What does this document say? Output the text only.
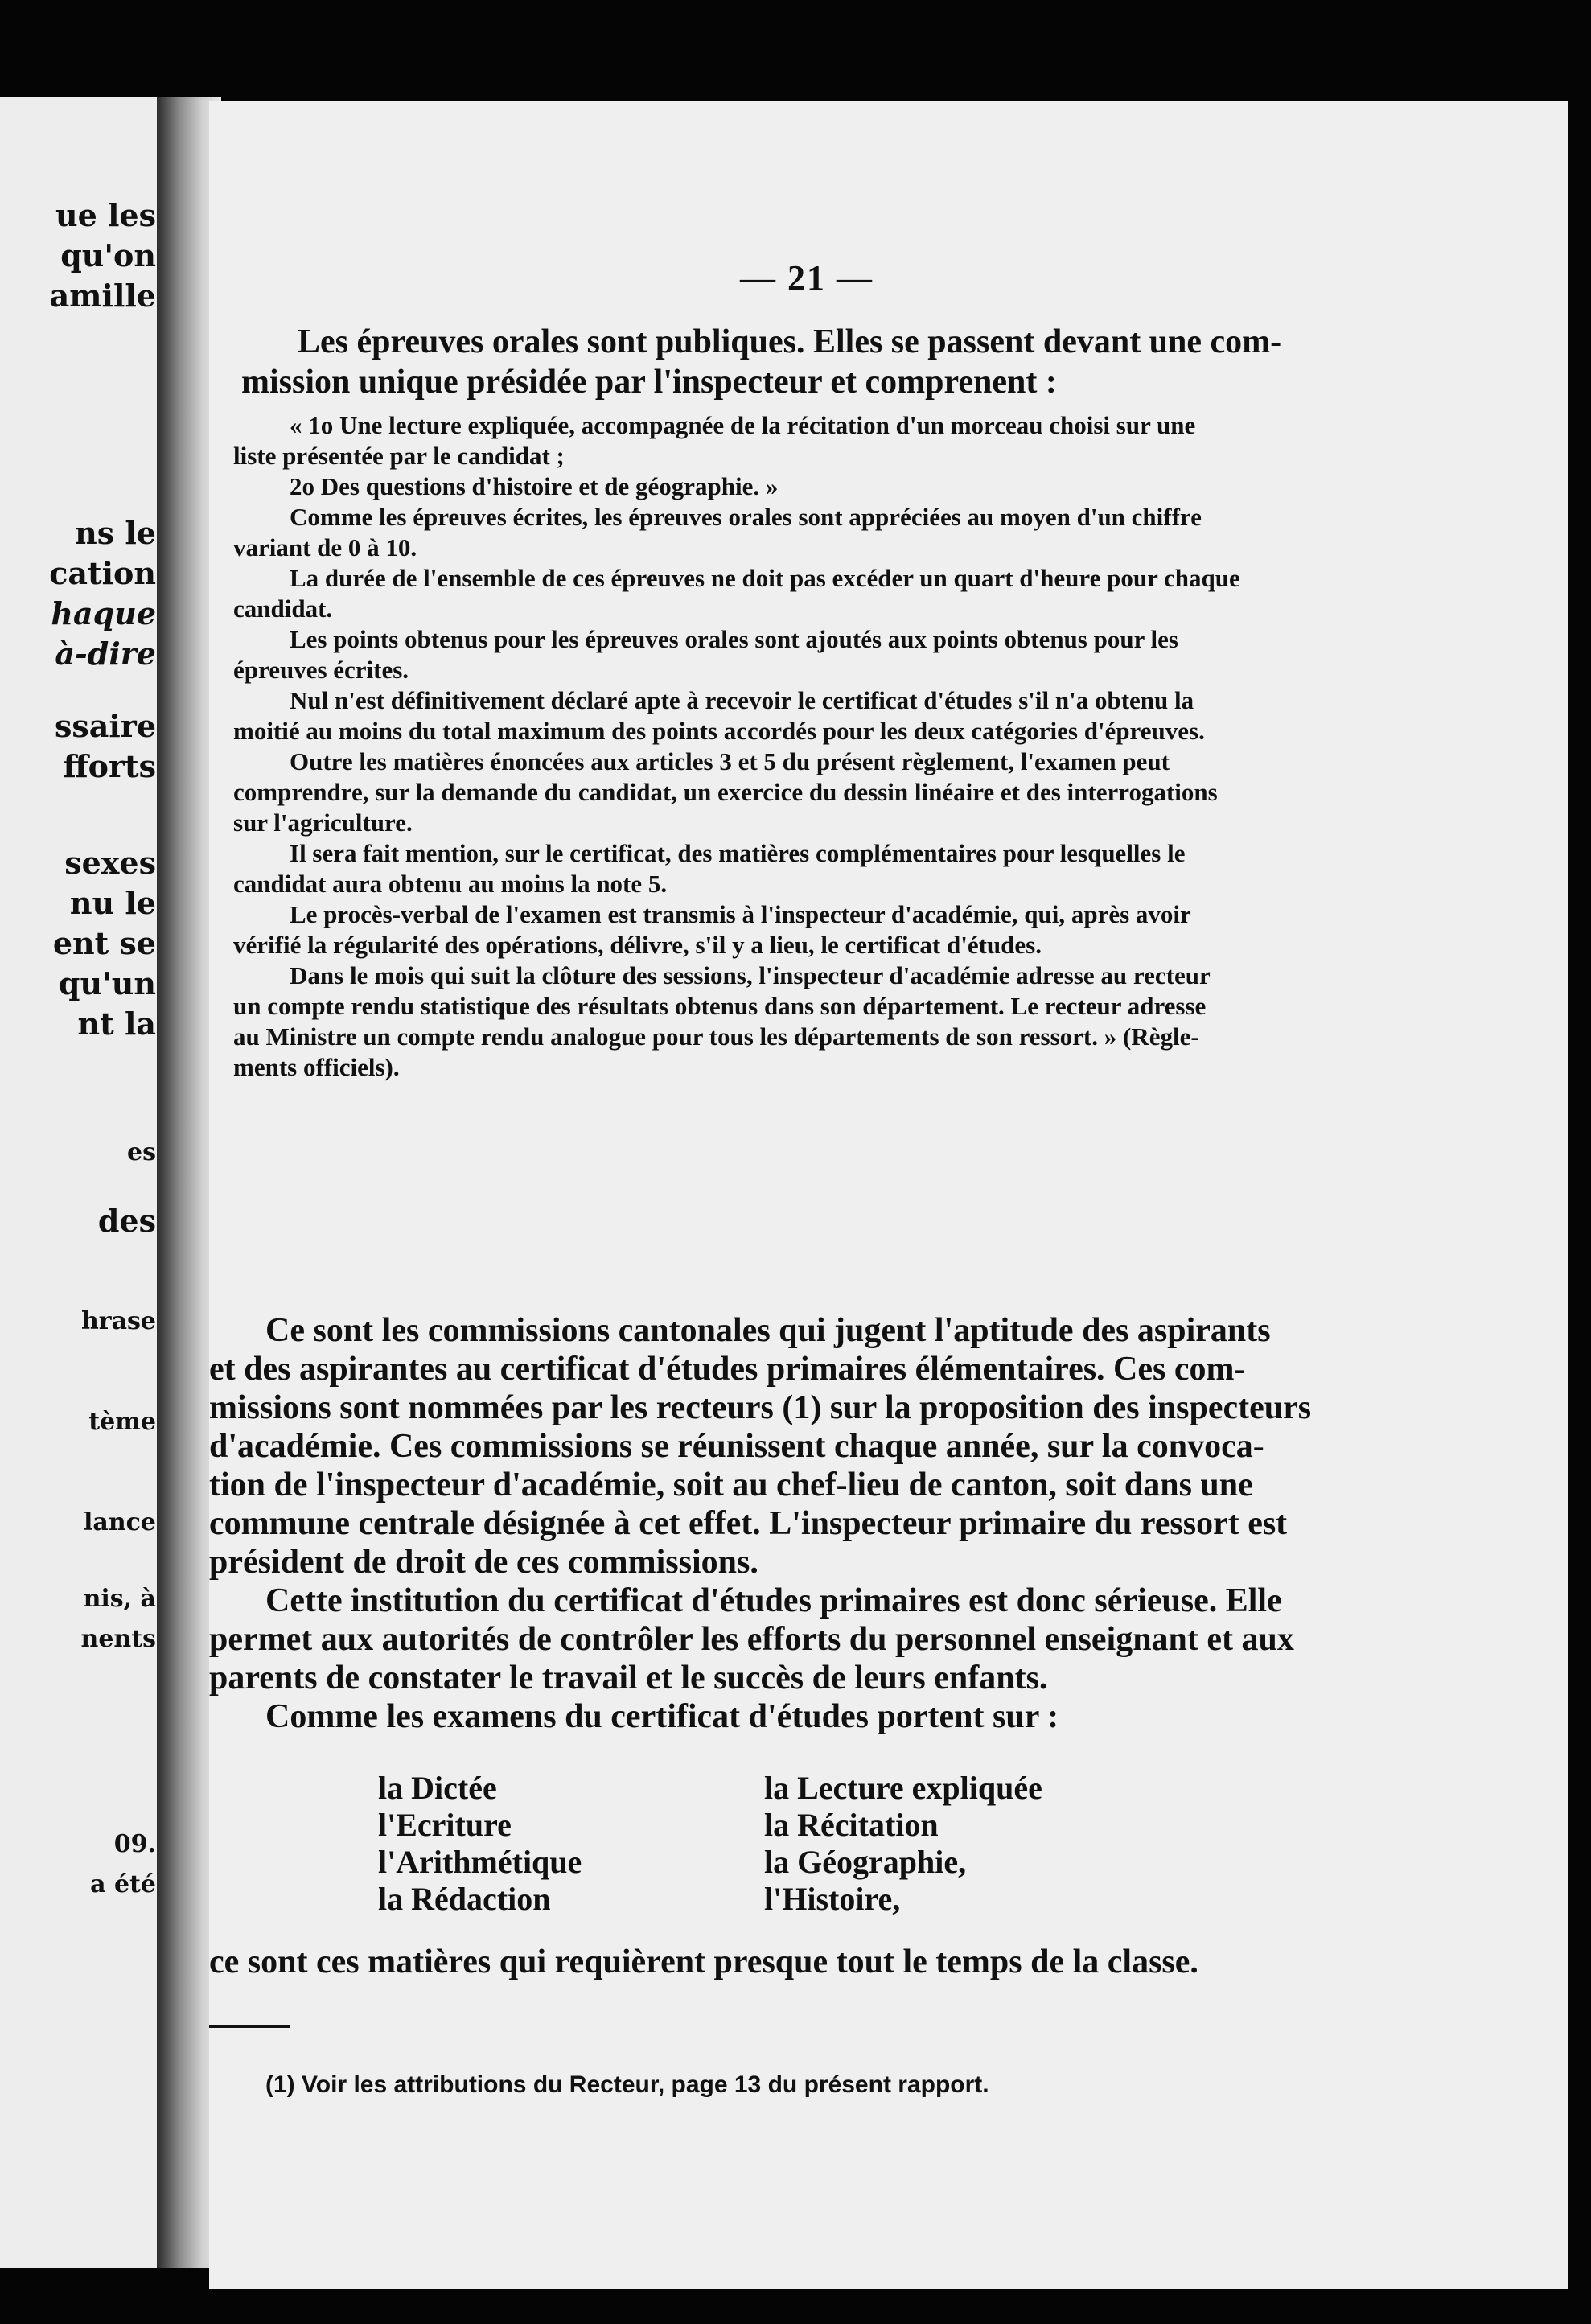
ue les
qu'on
amille
ns le
cation
haque
à-dire
ssaire
fforts
sexes
nu le
ent se
qu'un
nt la
es
des
hrase
tème
lance
nis, à
nents
09.
a été
— 21 —
Les épreuves orales sont publiques. Elles se passent devant une com-
mission unique présidée par l'inspecteur et comprenent :
« 1o Une lecture expliquée, accompagnée de la récitation d'un morceau choisi sur une
liste présentée par le candidat ;
2o Des questions d'histoire et de géographie. »
Comme les épreuves écrites, les épreuves orales sont appréciées au moyen d'un chiffre
variant de 0 à 10.
La durée de l'ensemble de ces épreuves ne doit pas excéder un quart d'heure pour chaque
candidat.
Les points obtenus pour les épreuves orales sont ajoutés aux points obtenus pour les
épreuves écrites.
Nul n'est définitivement déclaré apte à recevoir le certificat d'études s'il n'a obtenu la
moitié au moins du total maximum des points accordés pour les deux catégories d'épreuves.
Outre les matières énoncées aux articles 3 et 5 du présent règlement, l'examen peut
comprendre, sur la demande du candidat, un exercice du dessin linéaire et des interrogations
sur l'agriculture.
Il sera fait mention, sur le certificat, des matières complémentaires pour lesquelles le
candidat aura obtenu au moins la note 5.
Le procès-verbal de l'examen est transmis à l'inspecteur d'académie, qui, après avoir
vérifié la régularité des opérations, délivre, s'il y a lieu, le certificat d'études.
Dans le mois qui suit la clôture des sessions, l'inspecteur d'académie adresse au recteur
un compte rendu statistique des résultats obtenus dans son département. Le recteur adresse
au Ministre un compte rendu analogue pour tous les départements de son ressort. » (Règle-
ments officiels).
Ce sont les commissions cantonales qui jugent l'aptitude des aspirants
et des aspirantes au certificat d'études primaires élémentaires. Ces com-
missions sont nommées par les recteurs (1) sur la proposition des inspecteurs
d'académie. Ces commissions se réunissent chaque année, sur la convoca-
tion de l'inspecteur d'académie, soit au chef-lieu de canton, soit dans une
commune centrale désignée à cet effet. L'inspecteur primaire du ressort est
président de droit de ces commissions.
Cette institution du certificat d'études primaires est donc sérieuse. Elle
permet aux autorités de contrôler les efforts du personnel enseignant et aux
parents de constater le travail et le succès de leurs enfants.
Comme les examens du certificat d'études portent sur :
la Dictée
l'Ecriture
l'Arithmétique
la Rédaction
la Lecture expliquée
la Récitation
la Géographie,
l'Histoire,
ce sont ces matières qui requièrent presque tout le temps de la classe.
(1) Voir les attributions du Recteur, page 13 du présent rapport.
